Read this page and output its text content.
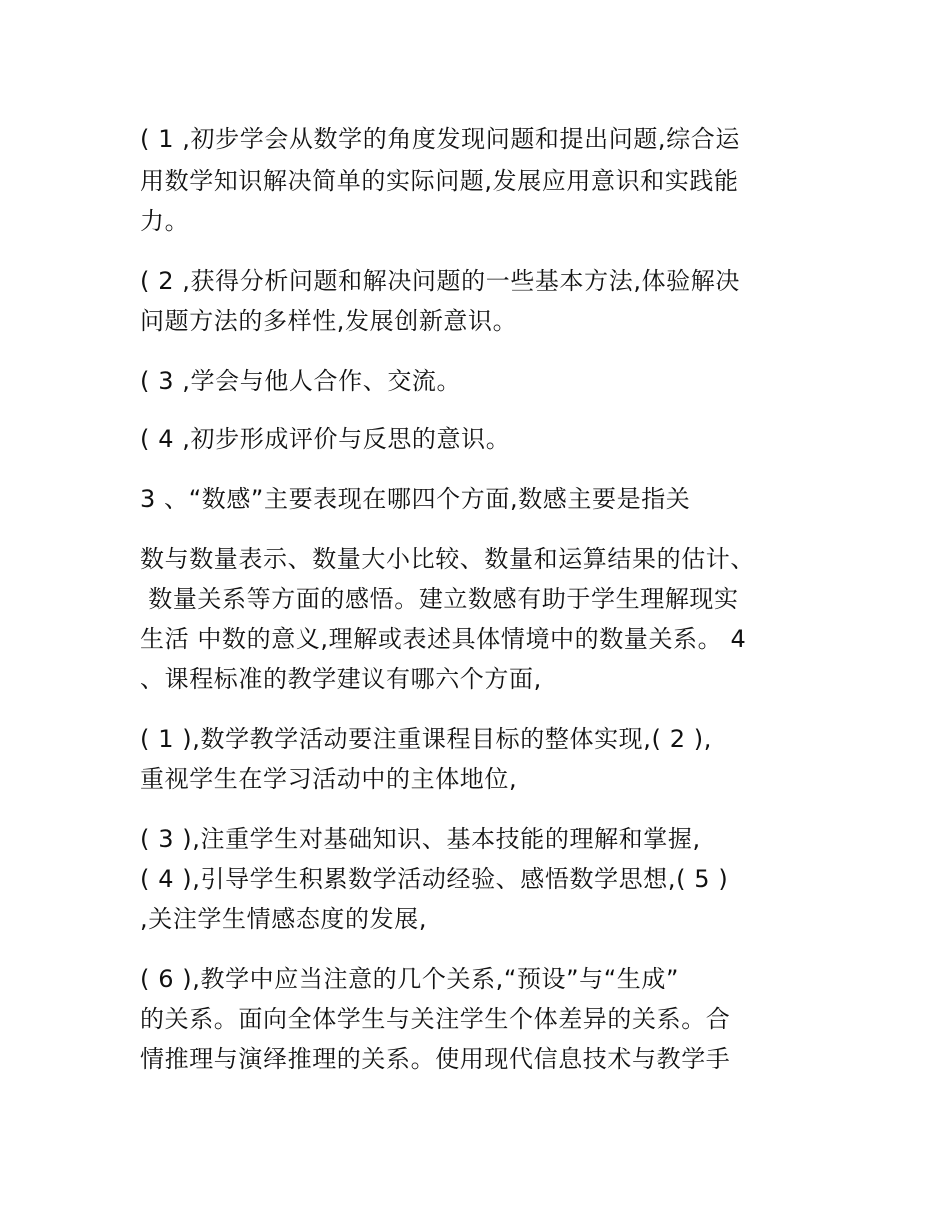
( 1 ,初步学会从数学的角度发现问题和提出问题,综合运
用数学知识解决简单的实际问题,发展应用意识和实践能
力。
( 2 ,获得分析问题和解决问题的一些基本方法,体验解决
问题方法的多样性,发展创新意识。
( 3 ,学会与他人合作、交流。
( 4 ,初步形成评价与反思的意识。
3 、“数感”主要表现在哪四个方面,数感主要是指关
数与数量表示、数量大小比较、数量和运算结果的估计、
数量关系等方面的感悟。建立数感有助于学生理解现实
生活 中数的意义,理解或表述具体情境中的数量关系。 4
、课程标准的教学建议有哪六个方面,
( 1 ),数学教学活动要注重课程目标的整体实现,( 2 ),
重视学生在学习活动中的主体地位,
( 3 ),注重学生对基础知识、基本技能的理解和掌握,
( 4 ),引导学生积累数学活动经验、感悟数学思想,( 5 )
,关注学生情感态度的发展,
( 6 ),教学中应当注意的几个关系,“预设”与“生成”
的关系。面向全体学生与关注学生个体差异的关系。合
情推理与演绎推理的关系。使用现代信息技术与教学手
